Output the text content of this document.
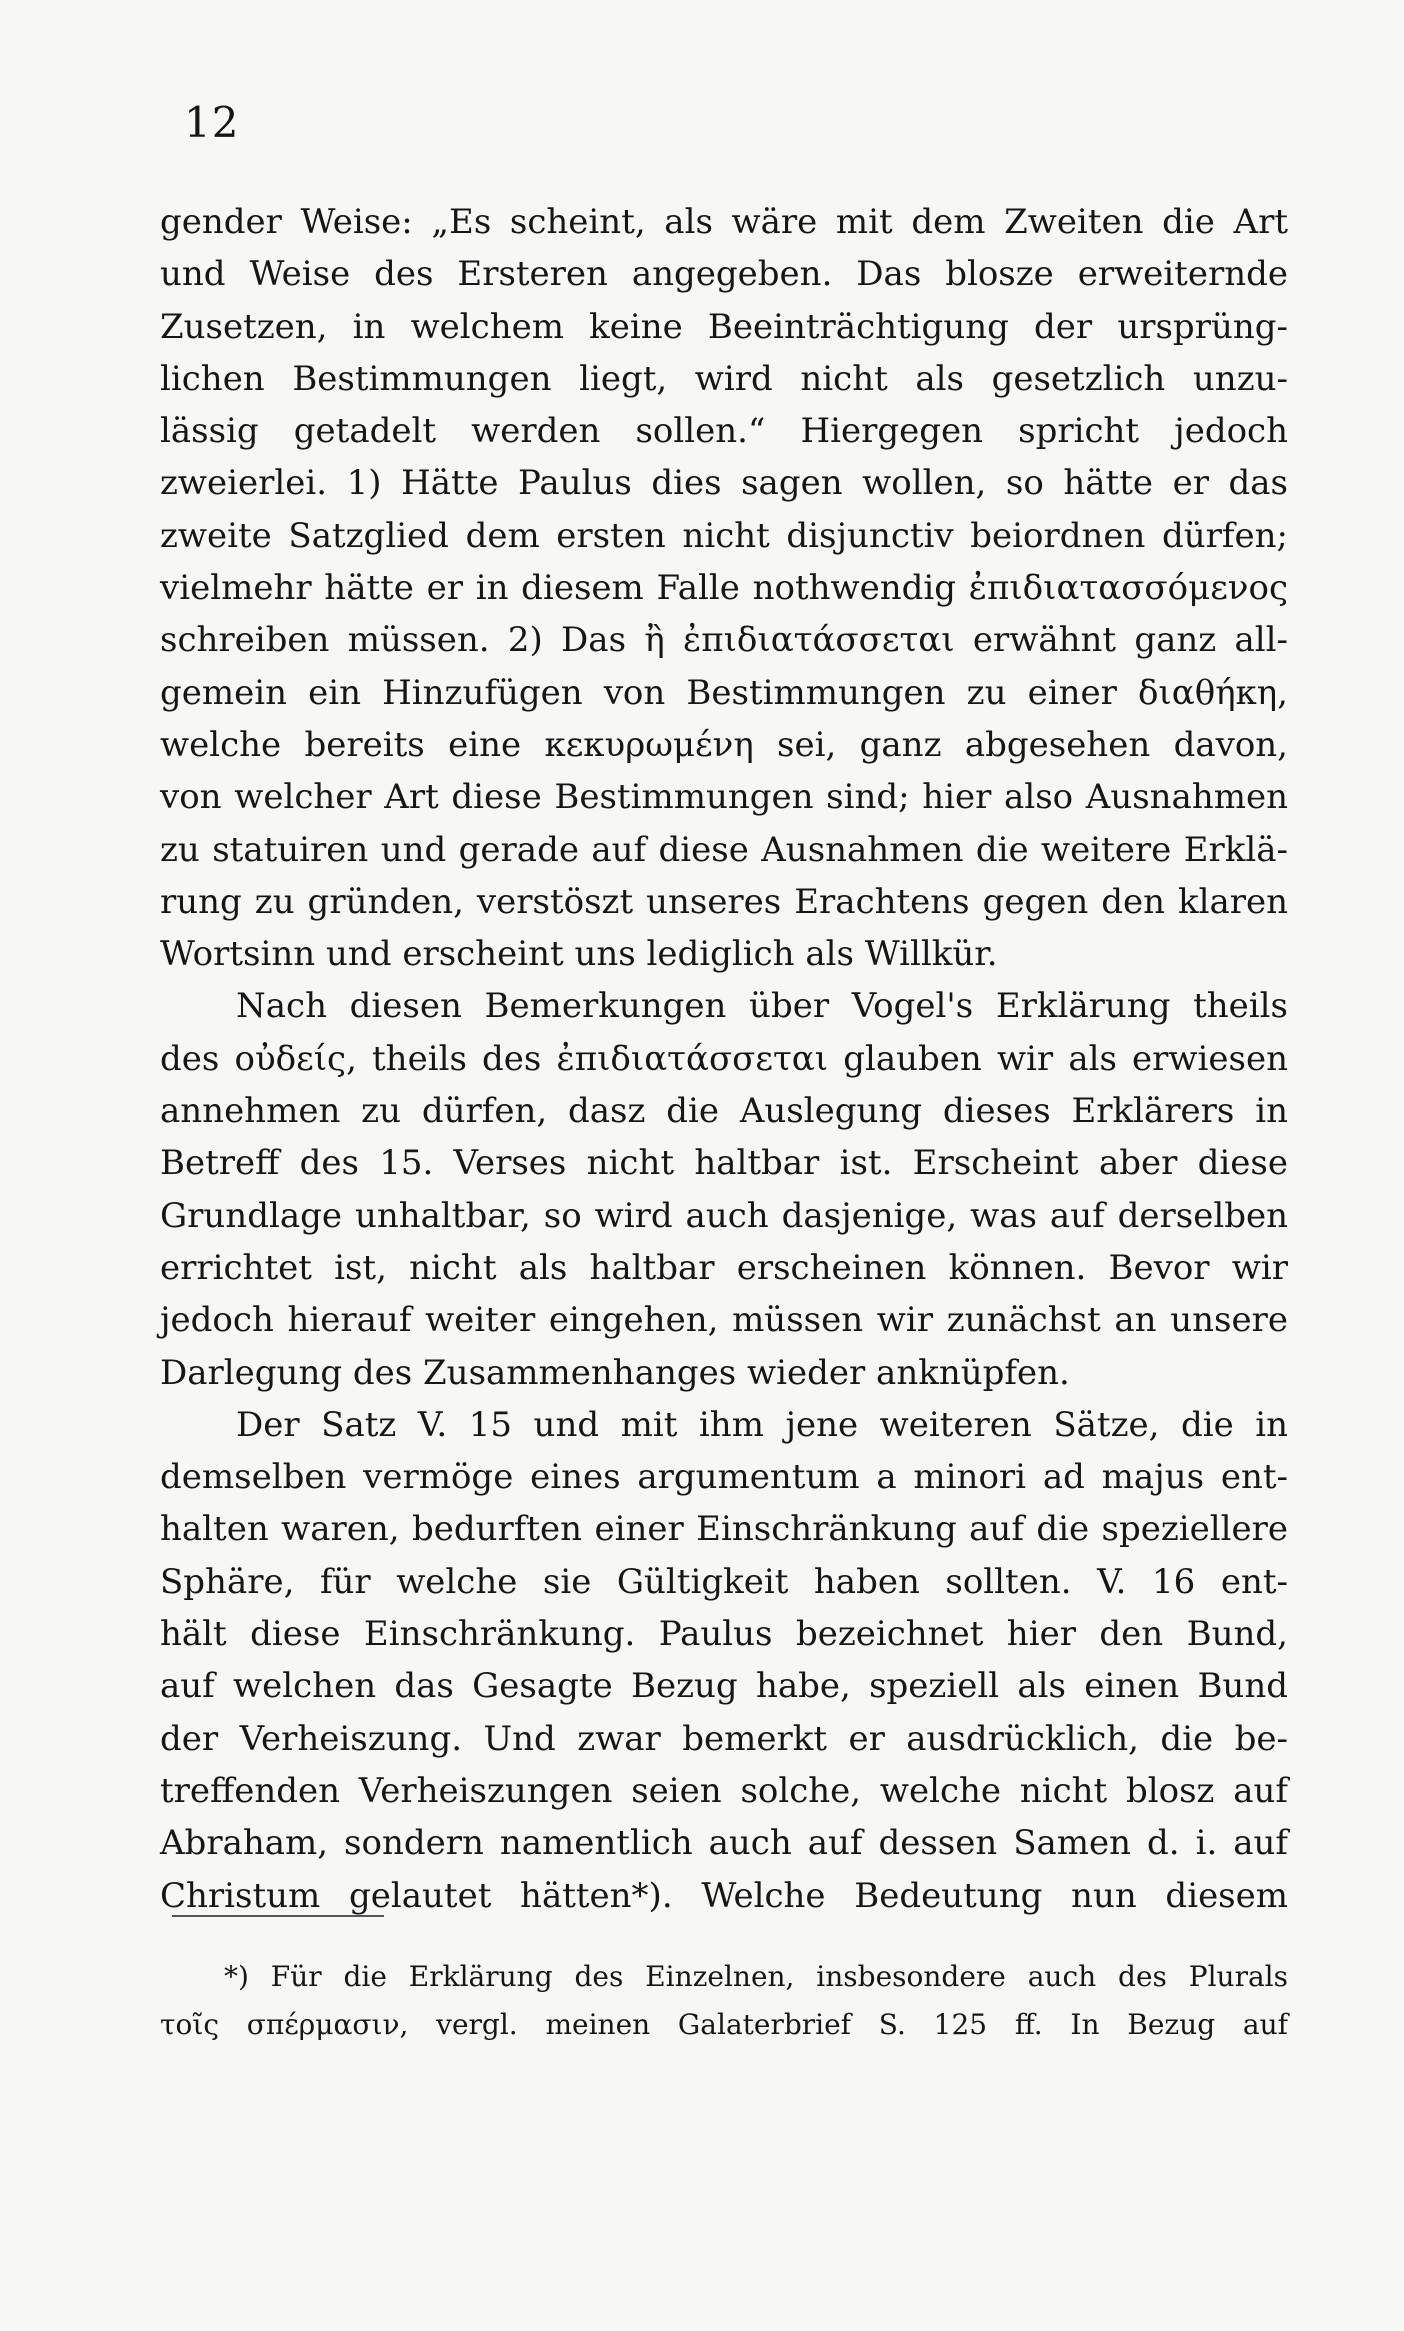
12
gender Weise: „Es scheint, als wäre mit dem Zweiten die Art
und Weise des Ersteren angegeben. Das blosze erweiternde
Zusetzen, in welchem keine Beeinträchtigung der ursprüng-
lichen Bestimmungen liegt, wird nicht als gesetzlich unzu-
lässig getadelt werden sollen.“ Hiergegen spricht jedoch
zweierlei. 1) Hätte Paulus dies sagen wollen, so hätte er das
zweite Satzglied dem ersten nicht disjunctiv beiordnen dürfen;
vielmehr hätte er in diesem Falle nothwendig ἐπιδιατασσόμενος
schreiben müssen. 2) Das ἢ ἐπιδιατάσσεται erwähnt ganz all-
gemein ein Hinzufügen von Bestimmungen zu einer διαθήκη,
welche bereits eine κεκυρωμένη sei, ganz abgesehen davon,
von welcher Art diese Bestimmungen sind; hier also Ausnahmen
zu statuiren und gerade auf diese Ausnahmen die weitere Erklä-
rung zu gründen, verstöszt unseres Erachtens gegen den klaren
Wortsinn und erscheint uns lediglich als Willkür.
Nach diesen Bemerkungen über Vogel's Erklärung theils
des οὐδείς, theils des ἐπιδιατάσσεται glauben wir als erwiesen
annehmen zu dürfen, dasz die Auslegung dieses Erklärers in
Betreff des 15. Verses nicht haltbar ist. Erscheint aber diese
Grundlage unhaltbar, so wird auch dasjenige, was auf derselben
errichtet ist, nicht als haltbar erscheinen können. Bevor wir
jedoch hierauf weiter eingehen, müssen wir zunächst an unsere
Darlegung des Zusammenhanges wieder anknüpfen.
Der Satz V. 15 und mit ihm jene weiteren Sätze, die in
demselben vermöge eines argumentum a minori ad majus ent-
halten waren, bedurften einer Einschränkung auf die speziellere
Sphäre, für welche sie Gültigkeit haben sollten. V. 16 ent-
hält diese Einschränkung. Paulus bezeichnet hier den Bund,
auf welchen das Gesagte Bezug habe, speziell als einen Bund
der Verheiszung. Und zwar bemerkt er ausdrücklich, die be-
treffenden Verheiszungen seien solche, welche nicht blosz auf
Abraham, sondern namentlich auch auf dessen Samen d. i. auf
Christum gelautet hätten*). Welche Bedeutung nun diesem
*) Für die Erklärung des Einzelnen, insbesondere auch des Plurals
τοῖς σπέρμασιν, vergl. meinen Galaterbrief S. 125 ff. In Bezug auf
